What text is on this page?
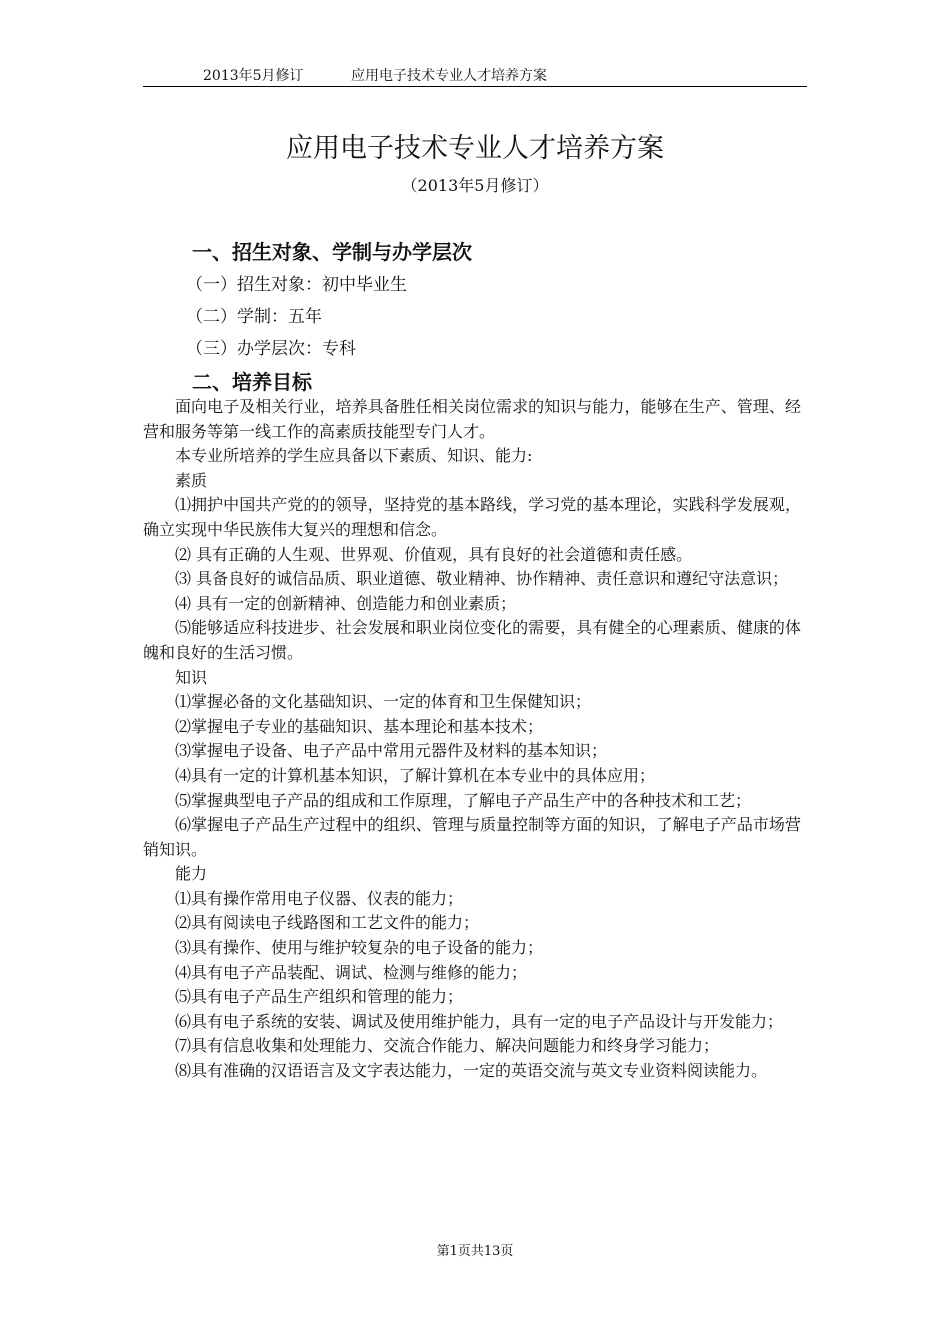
2013年5月修订	应用电子技术专业人才培养方案
应用电子技术专业人才培养方案
（2013年5月修订）
一、招生对象、学制与办学层次
（一）招生对象：初中毕业生
（二）学制：五年
（三）办学层次：专科
二、培养目标

面向电子及相关行业，培养具备胜任相关岗位需求的知识与能力，能够在生产、管理、经营和服务等第一线工作的高素质技能型专门人才。

本专业所培养的学生应具备以下素质、知识、能力:

素质

⑴拥护中国共产党的的领导，坚持党的基本路线，学习党的基本理论，实践科学发展观，确立实现中华民族伟大复兴的理想和信念。

⑵ 具有正确的人生观、世界观、价值观，具有良好的社会道德和责任感。

⑶ 具备良好的诚信品质、职业道德、敬业精神、协作精神、责任意识和遵纪守法意识；

⑷ 具有一定的创新精神、创造能力和创业素质；

⑸能够适应科技进步、社会发展和职业岗位变化的需要，具有健全的心理素质、健康的体魄和良好的生活习惯。

知识

⑴掌握必备的文化基础知识、一定的体育和卫生保健知识；

⑵掌握电子专业的基础知识、基本理论和基本技术；

⑶掌握电子设备、电子产品中常用元器件及材料的基本知识；

⑷具有一定的计算机基本知识，了解计算机在本专业中的具体应用；

⑸掌握典型电子产品的组成和工作原理，了解电子产品生产中的各种技术和工艺；

⑹掌握电子产品生产过程中的组织、管理与质量控制等方面的知识，了解电子产品市场营销知识。

能力

⑴具有操作常用电子仪器、仪表的能力；

⑵具有阅读电子线路图和工艺文件的能力；

⑶具有操作、使用与维护较复杂的电子设备的能力；

⑷具有电子产品装配、调试、检测与维修的能力；

⑸具有电子产品生产组织和管理的能力；

⑹具有电子系统的安装、调试及使用维护能力，具有一定的电子产品设计与开发能力；

⑺具有信息收集和处理能力、交流合作能力、解决问题能力和终身学习能力；

⑻具有准确的汉语语言及文字表达能力，一定的英语交流与英文专业资料阅读能力。

第1页共13页
